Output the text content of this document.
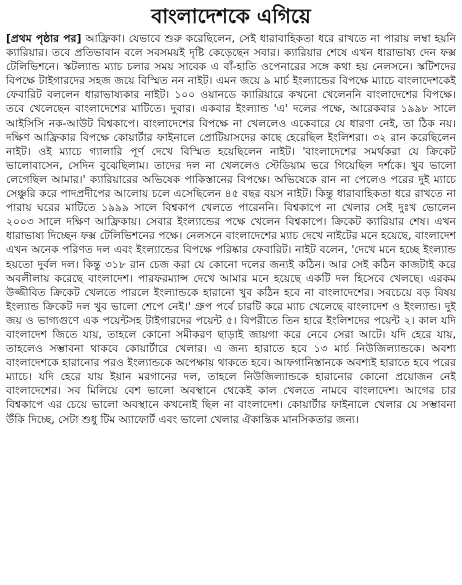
বাংলাদেশকে এগিয়ে

[প্রথম পৃষ্ঠার পর] আফ্রিকা। যেভাবে শুরু করেছিলেন, সেই ধারাবাহিকতা ধরে রাখতে না পারায় লম্বা হয়নি ক্যারিয়ার। তবে প্রতিভাবান বলে সবসময়ই দৃষ্টি কেড়েছেন সবার। ক্যারিয়ার শেষে এখন ধারাভাষ্য দেন ফক্স টেলিভিশনে। স্কটল্যান্ড ম্যাচ চলার সময় সাবেক এ বাঁ-হাতি ওপেনারের সঙ্গে কথা হয় নেলসনে। স্কটিশদের বিপক্ষে টাইগারদের সহজ জয়ে বিস্মিত নন নাইট। এমন জয়ে ৯ মার্চ ইংল্যান্ডের বিপক্ষে ম্যাচে বাংলাদেশকেই ফেবারিট বললেন ধারাভাষ্যকার নাইট। ১০০ ওয়ানডে ক্যারিয়ারে কখনো খেলেননি বাংলাদেশের বিপক্ষে। তবে খেলেছেন বাংলাদেশের মাটিতে। দুবার। একবার ইংল্যান্ড 'এ' দলের পক্ষে, আরেকবার ১৯৯৮ সালে আইসিসি নক-আউট বিশ্বকাপে। বাংলাদেশের বিপক্ষে না খেললেও একেবারে যে ধারণা নেই, তা ঠিক নয়। দক্ষিণ আফ্রিকার বিপক্ষে কোয়ার্টার ফাইনালে প্রোটিয়াসদের কাছে হেরেছিল ইংলিশরা। ৩২ রান করেছিলেন নাইট। ওই ম্যাচে গ্যালারি পূর্ণ দেখে বিস্মিত হয়েছিলেন নাইট। 'বাংলাদেশের সমর্থকরা যে ক্রিকেট ভালোবাসেন, সেদিন বুঝেছিলাম। তাদের দল না খেললেও স্টেডিয়াম ভরে গিয়েছিল দর্শকে। খুব ভালো লেগেছিল আমার।' ক্যারিয়ারের অভিষেক পাকিস্তানের বিপক্ষে। অভিষেকে রান না পেলেও পরের দুই ম্যাচে সেঞ্চুরি করে পাদপ্রদীপের আলোয় চলে এসেছিলেন ৪৫ বছর বয়স নাইট। কিন্তু ধারাবাহিকতা ধরে রাখতে না পারায় ঘরের মাটিতে ১৯৯৯ সালে বিশ্বকাপ খেলতে পারেননি। বিশ্বকাপে না খেলার সেই দুঃখ ভোলেন ২০০৩ সালে দক্ষিণ আফ্রিকায়। সেবার ইংল্যান্ডের পক্ষে খেলেন বিশ্বকাপে। ক্রিকেট ক্যারিয়ার শেষ। এখন ধারাভাষ্য দিচ্ছেন ফক্স টেলিভিশনের পক্ষে। নেলসনে বাংলাদেশের ম্যাচ দেখে নাইটের মনে হয়েছে, বাংলাদেশ এখন অনেক পরিণত দল এবং ইংল্যান্ডের বিপক্ষে পরিষ্কার ফেবারিট। নাইট বলেন, 'দেখে মনে হচ্ছে ইংল্যান্ড হয়তো দুর্বল দল। কিন্তু ৩১৮ রান চেজ করা যে কোনো দলের জন্যই কঠিন। আর সেই কঠিন কাজটাই করে অবলীলায় করেছে বাংলাদেশ। পারফরম্যান্স দেখে আমার মনে হয়েছে একটি দল হিসেবে খেলছে। এরকম উজ্জীবিত ক্রিকেট খেলতে পারলে ইংল্যান্ডকে হারানো খুব কঠিন হবে না বাংলাদেশের। সবচেয়ে বড় বিষয় ইংল্যান্ড ক্রিকেট দল খুব ভালো শেপে নেই।' গ্রুপ পর্বে চারটি করে ম্যাচ খেলেছে বাংলাদেশ ও ইংল্যান্ড। দুই জয় ও ভাগ্যগুণে এক পয়েন্টসহ টাইগারদের পয়েন্ট ৫। বিপরীতে তিন হারে ইংলিশদের পয়েন্ট ২। কাল যদি বাংলাদেশ জিতে যায়, তাহলে কোনো সমীকরণ ছাড়াই জায়গা করে নেবে সেরা আটে। যদি হেরে যায়, তাহলেও সম্ভাবনা থাকবে কোয়ার্টারে খেলার। এ জন্য হারাতে হবে ১৩ মার্চ নিউজিল্যান্ডকে। অবশ্য বাংলাদেশকে হারানোর পরও ইংল্যান্ডকে অপেক্ষায় থাকতে হবে। আফগানিস্তানকে অবশ্যই হারাতে হবে পরের ম্যাচে। যদি হেরে যায় ইয়ান মরগানের দল, তাহলে নিউজিল্যান্ডকে হারানোর কোনো প্রয়োজন নেই বাংলাদেশের। সব মিলিয়ে বেশ ভালো অবস্থানে থেকেই কাল খেলতে নামবে বাংলাদেশ। আগের চার বিশ্বকাপে এর চেয়ে ভালো অবস্থানে কখনোই ছিল না বাংলাদেশ। কোয়ার্টার ফাইনালে খেলার যে সম্ভাবনা উঁকি দিচ্ছে, সেটা শুধু টিম অ্যাফোর্ট এবং ভালো খেলার ঐকান্তিক মানসিকতার জন্য।
